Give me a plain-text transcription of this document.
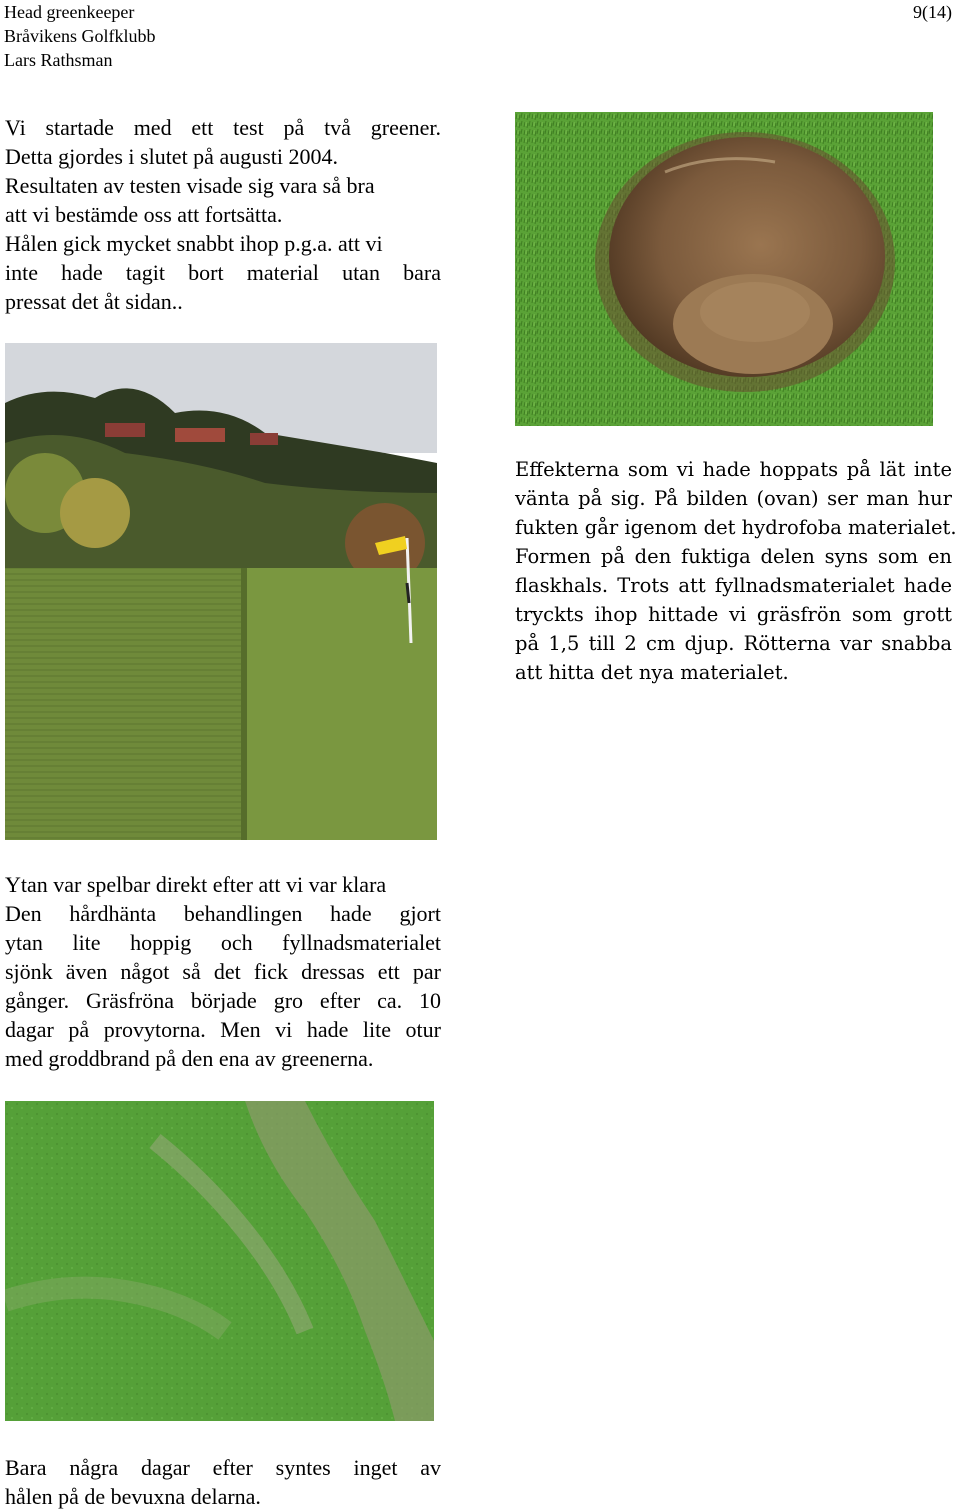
Head greenkeeper
Bråvikens Golfklubb
Lars Rathsman
9(14)
Vi startade med ett test på två greener.
Detta gjordes i slutet på augusti 2004.
Resultaten av testen visade sig vara så bra
att vi bestämde oss att fortsätta.
Hålen gick mycket snabbt ihop p.g.a. att vi
inte hade tagit bort material utan bara
pressat det åt sidan..
Effekterna som vi hade hoppats på lät inte
vänta på sig. På bilden (ovan) ser man hur
fukten går igenom det hydrofoba materialet.
Formen på den fuktiga delen syns som en
flaskhals. Trots att fyllnadsmaterialet hade
tryckts ihop hittade vi gräsfrön som grott
på 1,5 till 2 cm djup. Rötterna var snabba
att hitta det nya materialet.
Ytan var spelbar direkt efter att vi var klara
Den hårdhänta behandlingen hade gjort
ytan lite hoppig och fyllnadsmaterialet
sjönk även något så det fick dressas ett par
gånger. Gräsfröna började gro efter ca. 10
dagar på provytorna. Men vi hade lite otur
med groddbrand på den ena av greenerna.
Bara några dagar efter syntes inget av
hålen på de bevuxna delarna.
